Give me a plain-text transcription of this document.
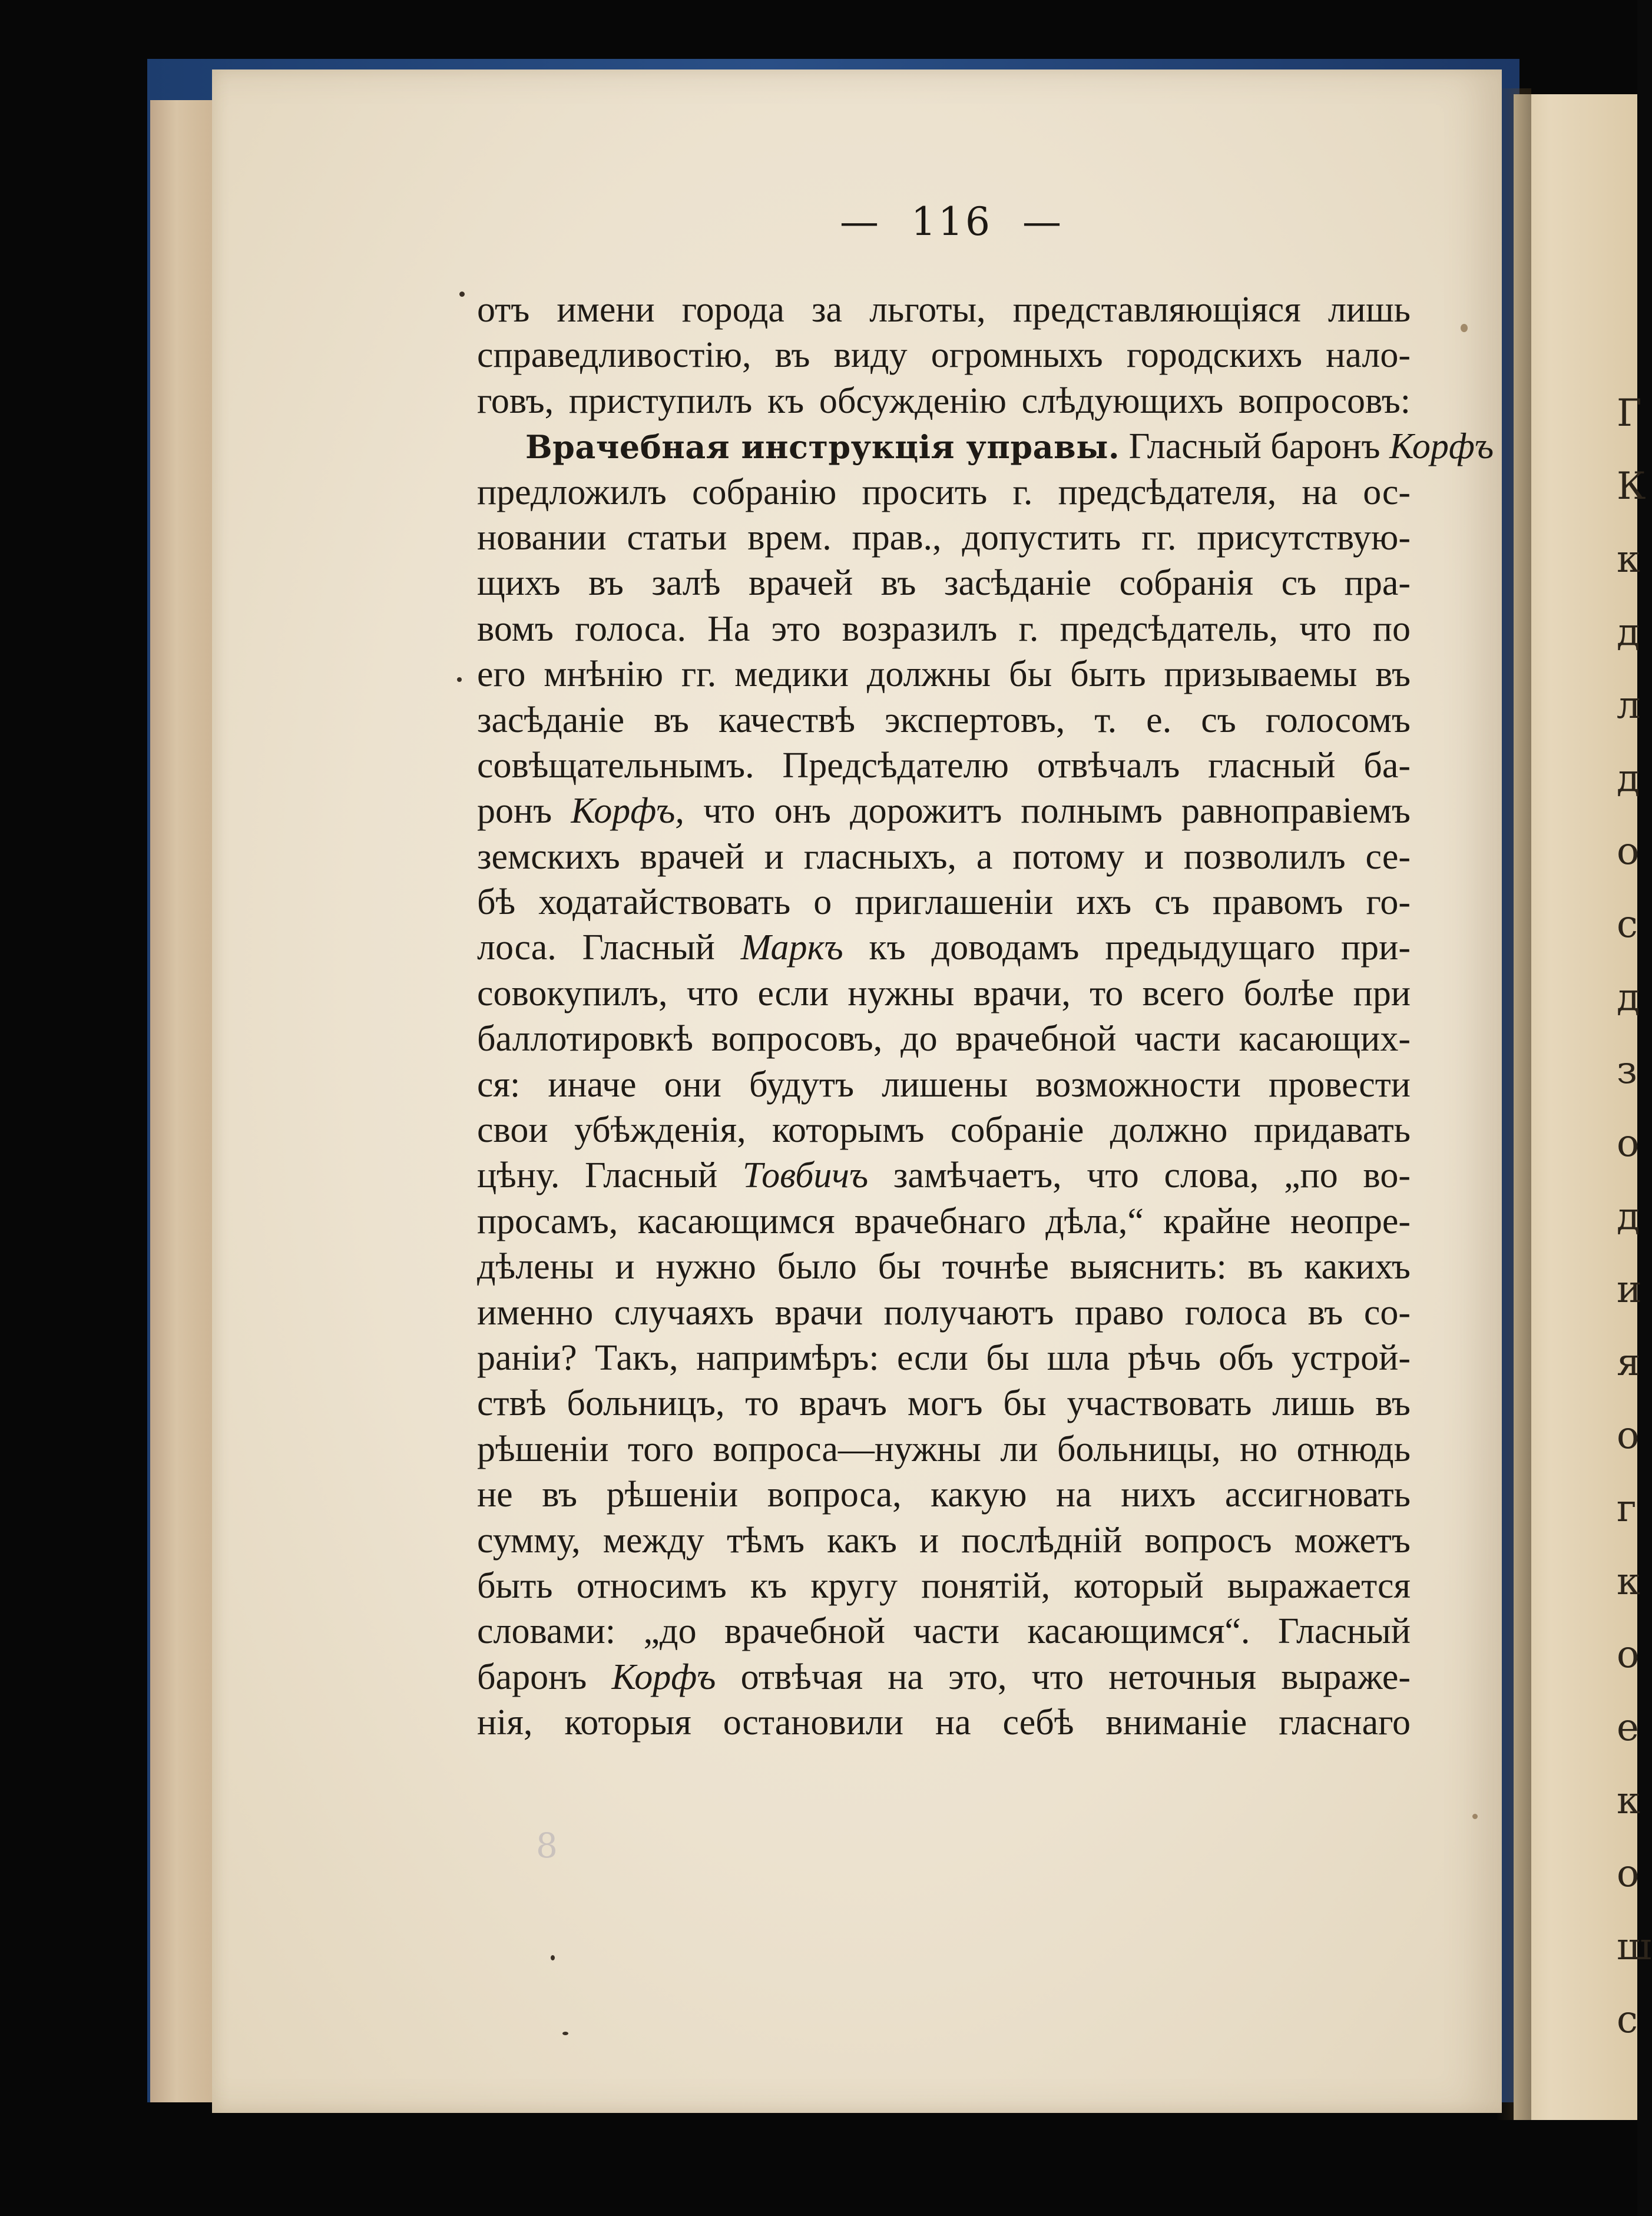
Г
К
к
д
л
д
о
с
д
з
о
д
и
я
о
г
к
о
е
к
о
ш
с
— 116 —
отъ имени города за льготы, представляющіяся лишь
справедливостію, въ виду огромныхъ городскихъ нало-
говъ, приступилъ къ обсужденію слѣдующихъ вопросовъ:
Врачебная инструкція управы. Гласный баронъ Корфъ
предложилъ собранію просить г. предсѣдателя, на ос-
новании статьи врем. прав., допустить гг. присутствую-
щихъ въ залѣ врачей въ засѣданіе собранія съ пра-
вомъ голоса. На это возразилъ г. предсѣдатель, что по
его мнѣнію гг. медики должны бы быть призываемы въ
засѣданіе въ качествѣ экспертовъ, т. е. съ голосомъ
совѣщательнымъ. Предсѣдателю отвѣчалъ гласный ба-
ронъ Корфъ, что онъ дорожитъ полнымъ равноправіемъ
земскихъ врачей и гласныхъ, а потому и позволилъ се-
бѣ ходатайствовать о приглашеніи ихъ съ правомъ го-
лоса. Гласный Маркъ къ доводамъ предыдущаго при-
совокупилъ, что если нужны врачи, то всего болѣе при
баллотировкѣ вопросовъ, до врачебной части касающих-
ся: иначе они будутъ лишены возможности провести
свои убѣжденія, которымъ собраніе должно придавать
цѣну. Гласный Товбичъ замѣчаетъ, что слова, „по во-
просамъ, касающимся врачебнаго дѣла,“ крайне неопре-
дѣлены и нужно было бы точнѣе выяснить: въ какихъ
именно случаяхъ врачи получаютъ право голоса въ со-
раніи? Такъ, напримѣръ: если бы шла рѣчь объ устрой-
ствѣ больницъ, то врачъ могъ бы участвовать лишь въ
рѣшеніи того вопроса—нужны ли больницы, но отнюдь
не въ рѣшеніи вопроса, какую на нихъ ассигновать
сумму, между тѣмъ какъ и послѣдній вопросъ можетъ
быть относимъ къ кругу понятій, который выражается
словами: „до врачебной части касающимся“. Гласный
баронъ Корфъ отвѣчая на это, что неточныя выраже-
нія, которыя остановили на себѣ вниманіе гласнаго
8
